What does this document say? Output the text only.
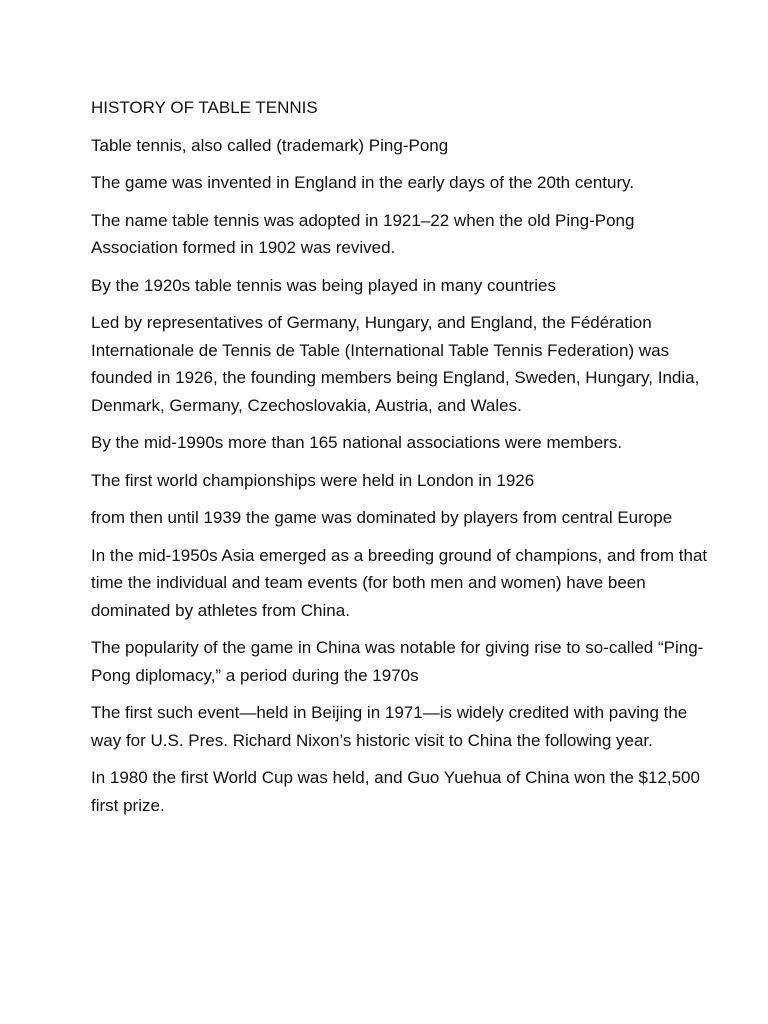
HISTORY OF TABLE TENNIS

Table tennis, also called (trademark) Ping-Pong

The game was invented in England in the early days of the 20th century.

The name table tennis was adopted in 1921–22 when the old Ping-Pong Association formed in 1902 was revived.

By the 1920s table tennis was being played in many countries

Led by representatives of Germany, Hungary, and England, the Fédération Internationale de Tennis de Table (International Table Tennis Federation) was founded in 1926, the founding members being England, Sweden, Hungary, India, Denmark, Germany, Czechoslovakia, Austria, and Wales.

By the mid-1990s more than 165 national associations were members.

The first world championships were held in London in 1926

from then until 1939 the game was dominated by players from central Europe

In the mid-1950s Asia emerged as a breeding ground of champions, and from that time the individual and team events (for both men and women) have been dominated by athletes from China.

The popularity of the game in China was notable for giving rise to so-called “Ping-Pong diplomacy,” a period during the 1970s

The first such event—held in Beijing in 1971—is widely credited with paving the way for U.S. Pres. Richard Nixon’s historic visit to China the following year.

In 1980 the first World Cup was held, and Guo Yuehua of China won the $12,500 first prize.
